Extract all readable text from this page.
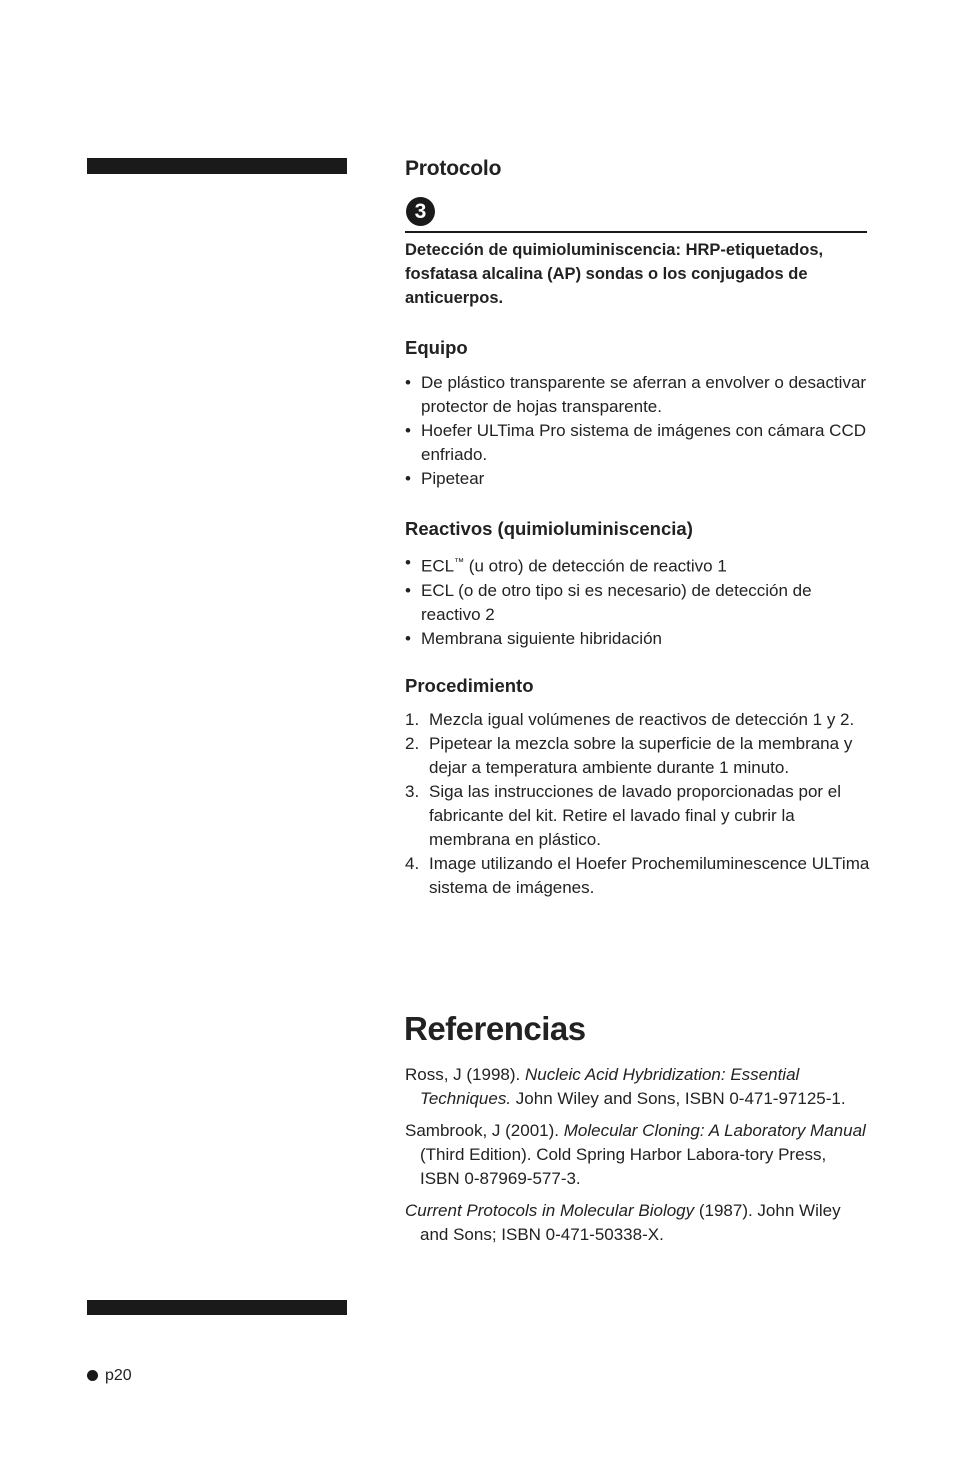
Protocolo
3
Detección de quimioluminiscencia: HRP-etiquetados, fosfatasa alcalina (AP) sondas o los conjugados de anticuerpos.
Equipo
• De plástico transparente se aferran a envolver o desactivar protector de hojas transparente.
• Hoefer ULTima Pro sistema de imágenes con cámara CCD enfriado.
• Pipetear
Reactivos (quimioluminiscencia)
• ECL™ (u otro) de detección de reactivo 1
• ECL (o de otro tipo si es necesario) de detección de reactivo 2
• Membrana siguiente hibridación
Procedimiento
1. Mezcla igual volúmenes de reactivos de detección 1 y 2.
2. Pipetear la mezcla sobre la superficie de la membrana y dejar a temperatura ambiente durante 1 minuto.
3. Siga las instrucciones de lavado proporcionadas por el fabricante del kit. Retire el lavado final y cubrir la membrana en plástico.
4. Image utilizando el Hoefer Prochemiluminescence ULTima sistema de imágenes.
Referencias
Ross, J (1998). Nucleic Acid Hybridization: Essential Techniques. John Wiley and Sons, ISBN 0-471-97125-1.
Sambrook, J (2001). Molecular Cloning: A Laboratory Manual (Third Edition). Cold Spring Harbor Labora-tory Press, ISBN 0-87969-577-3.
Current Protocols in Molecular Biology (1987). John Wiley and Sons; ISBN 0-471-50338-X.
p20
